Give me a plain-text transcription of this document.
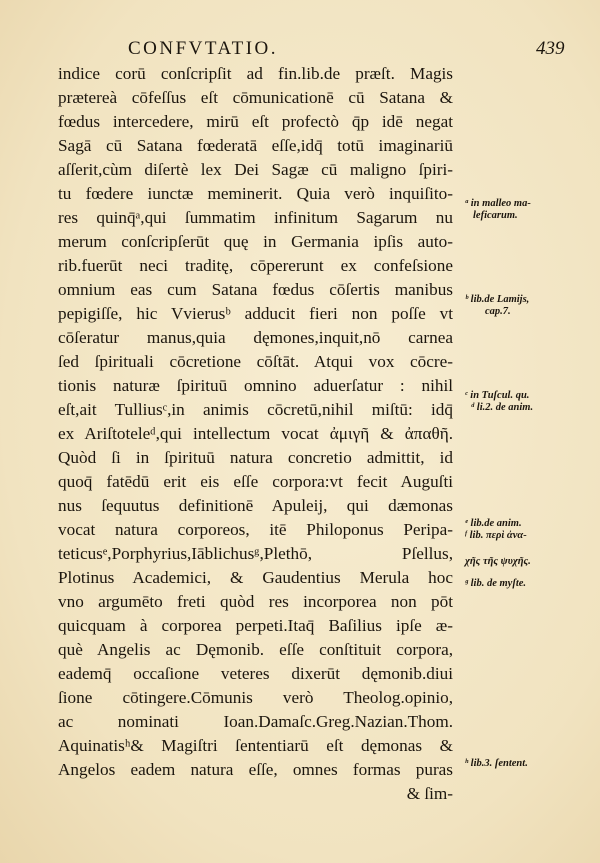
CONFVTATIO.	439
indice corū conſcripſit ad fin.lib.de præſt. Magis
prætereà cōfeſſus eſt cōmunicationē cū Satana &
fœdus intercedere, mirū eſt profectò q̄p idē negat
Sagā cū Satana fœderatā eſſe,idq̄ totū imaginariū
aſſerit,cùm diſertè lex Dei Sagæ cū maligno ſpiri-
tu fœdere iunctæ meminerit. Quia verò inquiſito-
res quinq̄ᵃ,qui ſummatim infinitum Sagarum nu
merum conſcripſerūt quę in Germania ipſis auto-
rib.fuerūt neci traditę, cōpererunt ex confeſsione
omnium eas cum Satana fœdus cōſertis manibus
pepigiſſe, hic Vvierusᵇ adducit fieri non poſſe vt
cōſeratur manus,quia dęmones,inquit,nō carnea
ſed ſpirituali cōcretione cōſtāt. Atqui vox cōcre-
tionis naturæ ſpirituū omnino aduerſatur : nihil
eſt,ait Tulliusᶜ,in animis cōcretū,nihil miſtū: idq̄
ex Ariſtoteleᵈ,qui intellectum vocat ἀμιγῆ & ἀπαθῆ.
Quòd ſi in ſpirituū natura concretio admittit, id
quoq̄ fatēdū erit eis eſſe corpora:vt fecit Auguſti
nus ſequutus definitionē Apuleij, qui dæmonas
vocat natura corporeos, itē Philoponus Peripa-
teticusᵉ,Porphyrius,Iāblichusᵍ,Plethō, Pſellus,
Plotinus Academici, & Gaudentius Merula hoc
vno argumēto freti quòd res incorporea non pōt
quicquam à corporea perpeti.Itaq̄ Baſilius ipſe æ-
què Angelis ac Dęmonib. eſſe conſtituit corpora,
eademq̄ occaſione veteres dixerūt dęmonib.diui
ſione cōtingere.Cōmunis verò Theolog.opinio,
ac nominati Ioan.Damaſc.Greg.Nazian.Thom.
Aquinatisʰ& Magiſtri ſententiarū eſt dęmonas &
Angelos eadem natura eſſe, omnes formas puras
& ſim-
ᵃ in malleo ma-
leficarum.
ᵇ lib.de Lamijs,
cap.7.
ᶜ in Tuſcul. qu.
ᵈ li.2. de anim.
ᵉ lib.de anim.
ᶠ lib. περὶ ἀνα-
χῆς τῆς ψυχῆς.
ᵍ lib. de myſte.
ʰ lib.3. ſentent.
